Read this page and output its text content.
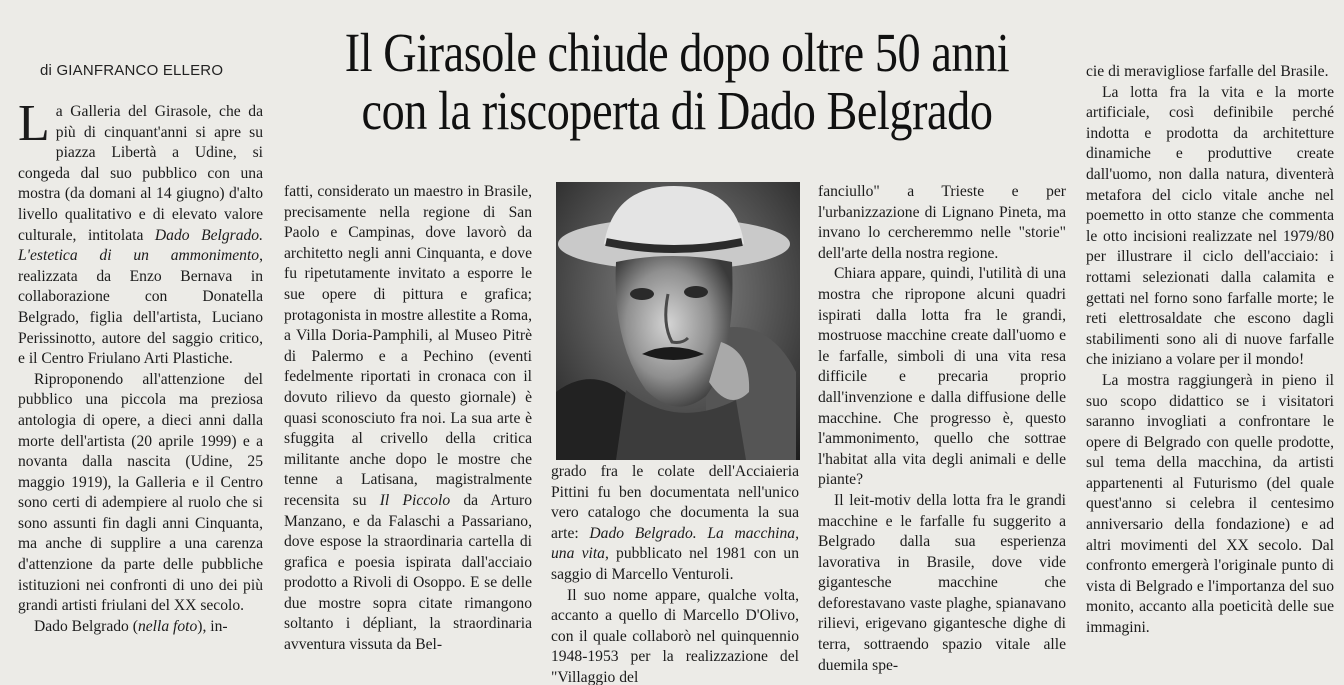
di GIANFRANCO ELLERO Il Girasole chiude dopo oltre 50 anni
con la riscoperta di Dado Belgrado

La Galleria del Girasole, che da più di cinquant'anni si apre su piazza Libertà a Udine, si congeda dal suo pubblico con una mostra (da domani al 14 giugno) d'alto livello qualitativo e di elevato valore culturale, intitolata Dado Belgrado. L'estetica di un ammonimento, realizzata da Enzo Bernava in collaborazione con Donatella Belgrado, figlia dell'artista, Luciano Perissinotto, autore del saggio critico, e il Centro Friulano Arti Plastiche.

Riproponendo all'attenzione del pubblico una piccola ma preziosa antologia di opere, a dieci anni dalla morte dell'artista (20 aprile 1999) e a novanta dalla nascita (Udine, 25 maggio 1919), la Galleria e il Centro sono certi di adempiere al ruolo che si sono assunti fin dagli anni Cinquanta, ma anche di supplire a una carenza d'attenzione da parte delle pubbliche istituzioni nei confronti di uno dei più grandi artisti friulani del XX secolo.

Dado Belgrado (nella foto), in-

fatti, considerato un maestro in Brasile, precisamente nella regione di San Paolo e Campinas, dove lavorò da architetto negli anni Cinquanta, e dove fu ripetutamente invitato a esporre le sue opere di pittura e grafica; protagonista in mostre allestite a Roma, a Villa Doria-Pamphili, al Museo Pitrè di Palermo e a Pechino (eventi fedelmente riportati in cronaca con il dovuto rilievo da questo giornale) è quasi sconosciuto fra noi. La sua arte è sfuggita al crivello della critica militante anche dopo le mostre che tenne a Latisana, magistralmente recensita su Il Piccolo da Arturo Manzano, e da Falaschi a Passariano, dove espose la straordinaria cartella di grafica e poesia ispirata dall'acciaio prodotto a Rivoli di Osoppo. E se delle due mostre sopra citate rimangono soltanto i dépliant, la straordinaria avventura vissuta da Bel-

grado fra le colate dell'Acciaieria Pittini fu ben documentata nell'unico vero catalogo che documenta la sua arte: Dado Belgrado. La macchina, una vita, pubblicato nel 1981 con un saggio di Marcello Venturoli.

Il suo nome appare, qualche volta, accanto a quello di Marcello D'Olivo, con il quale collaborò nel quinquennio 1948-1953 per la realizzazione del "Villaggio del

fanciullo" a Trieste e per l'urbanizzazione di Lignano Pineta, ma invano lo cercheremmo nelle "storie" dell'arte della nostra regione.

Chiara appare, quindi, l'utilità di una mostra che ripropone alcuni quadri ispirati dalla lotta fra le grandi, mostruose macchine create dall'uomo e le farfalle, simboli di una vita resa difficile e precaria proprio dall'invenzione e dalla diffusione delle macchine. Che progresso è, questo l'ammonimento, quello che sottrae l'habitat alla vita degli animali e delle piante?

Il leit-motiv della lotta fra le grandi macchine e le farfalle fu suggerito a Belgrado dalla sua esperienza lavorativa in Brasile, dove vide gigantesche macchine che deforestavano vaste plaghe, spianavano rilievi, erigevano gigantesche dighe di terra, sottraendo spazio vitale alle duemila spe-

cie di meravigliose farfalle del Brasile.

La lotta fra la vita e la morte artificiale, così definibile perché indotta e prodotta da architetture dinamiche e produttive create dall'uomo, non dalla natura, diventerà metafora del ciclo vitale anche nel poemetto in otto stanze che commenta le otto incisioni realizzate nel 1979/80 per illustrare il ciclo dell'acciaio: i rottami selezionati dalla calamita e gettati nel forno sono farfalle morte; le reti elettrosaldate che escono dagli stabilimenti sono ali di nuove farfalle che iniziano a volare per il mondo!

La mostra raggiungerà in pieno il suo scopo didattico se i visitatori saranno invogliati a confrontare le opere di Belgrado con quelle prodotte, sul tema della macchina, da artisti appartenenti al Futurismo (del quale quest'anno si celebra il centesimo anniversario della fondazione) e ad altri movimenti del XX secolo. Dal confronto emergerà l'originale punto di vista di Belgrado e l'importanza del suo monito, accanto alla poeticità delle sue immagini.
